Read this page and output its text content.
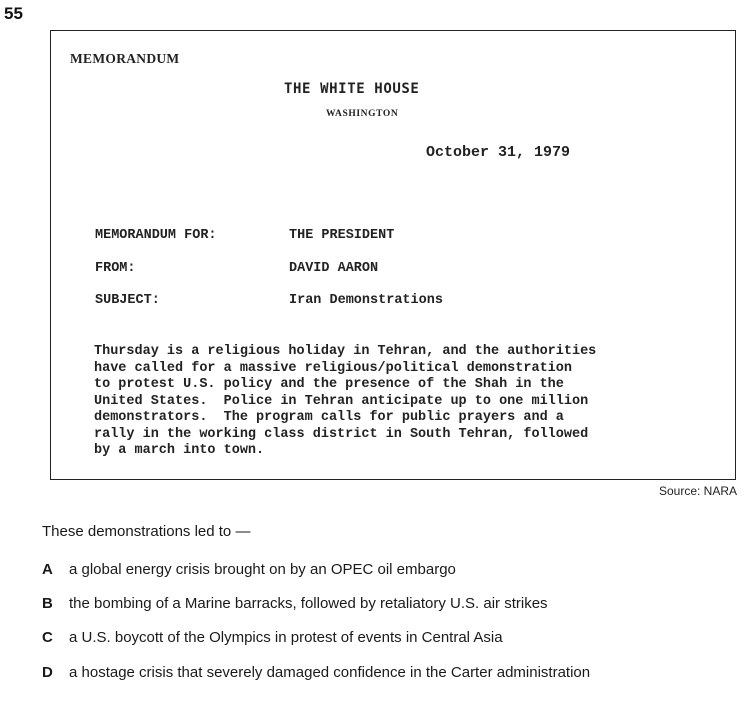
55
MEMORANDUM
THE WHITE HOUSE
WASHINGTON
October 31, 1979
MEMORANDUM FOR:	THE PRESIDENT
FROM:	DAVID AARON
SUBJECT:	Iran Demonstrations
Thursday is a religious holiday in Tehran, and the authorities
have called for a massive religious/political demonstration
to protest U.S. policy and the presence of the Shah in the
United States.  Police in Tehran anticipate up to one million
demonstrators.  The program calls for public prayers and a
rally in the working class district in South Tehran, followed
by a march into town.
Source: NARA
These demonstrations led to —
A a global energy crisis brought on by an OPEC oil embargo
B the bombing of a Marine barracks, followed by retaliatory U.S. air strikes
C a U.S. boycott of the Olympics in protest of events in Central Asia
D a hostage crisis that severely damaged confidence in the Carter administration
